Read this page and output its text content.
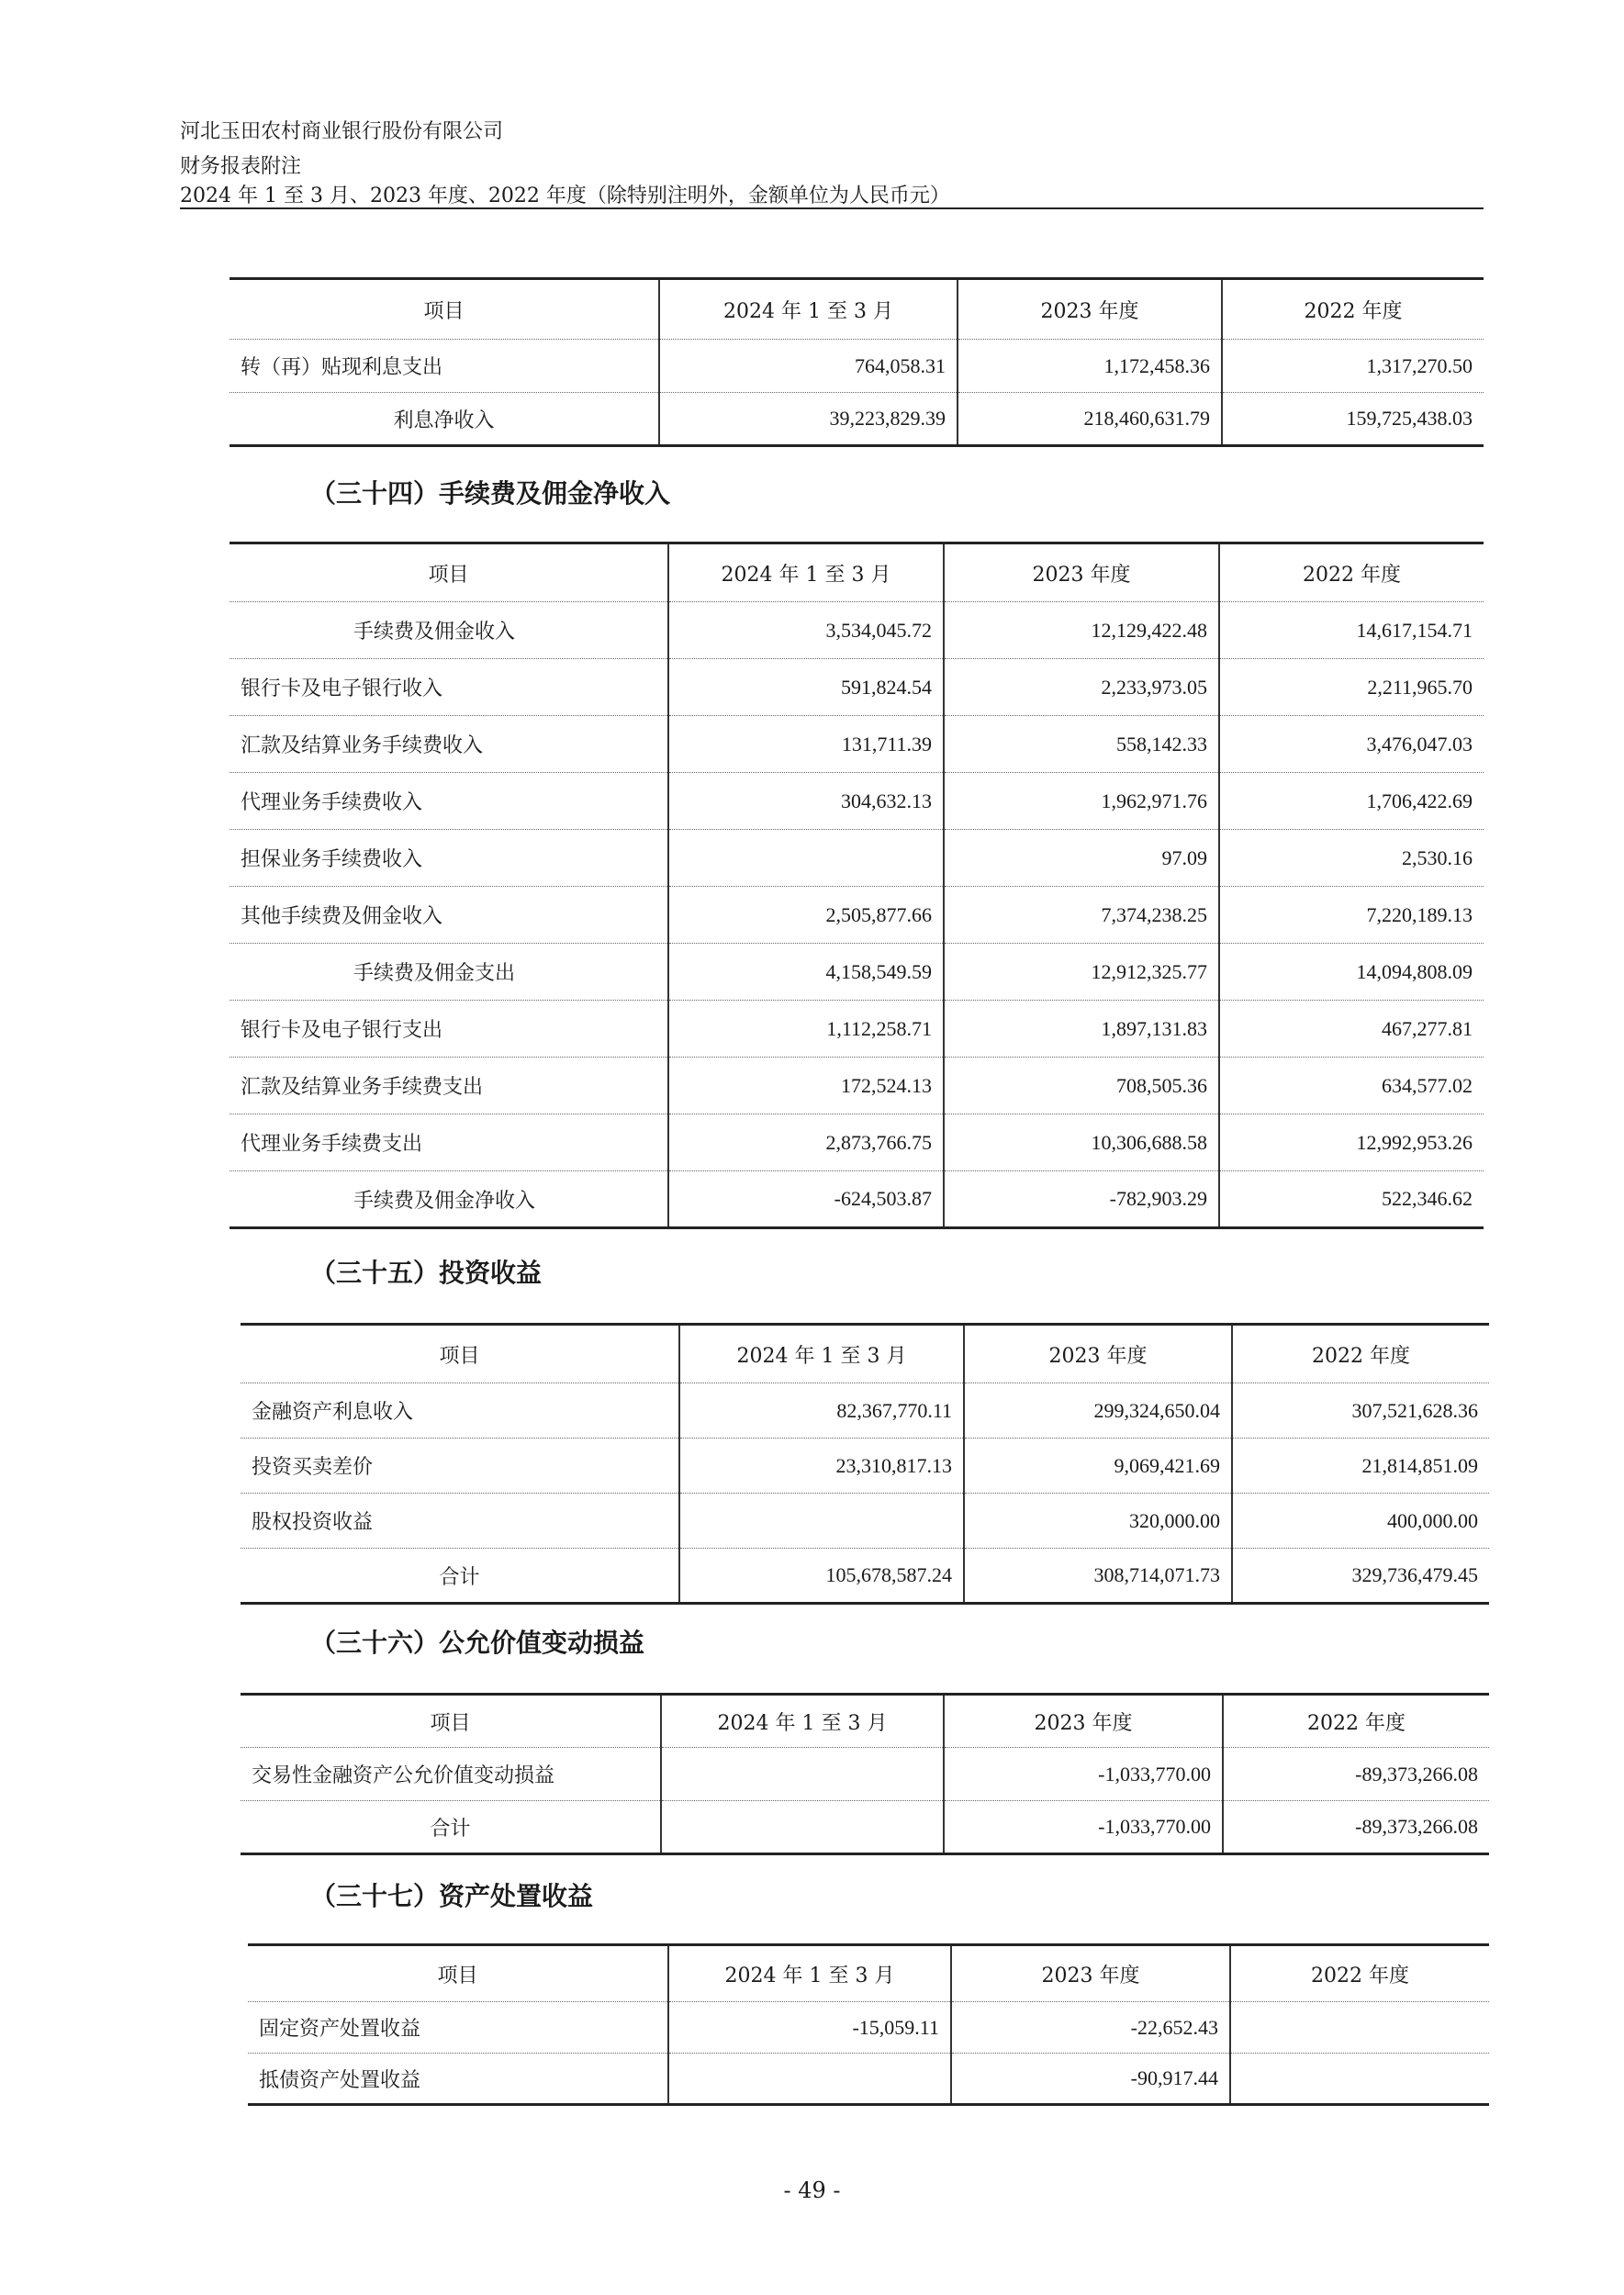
河北玉田农村商业银行股份有限公司
财务报表附注
2024 年 1 至 3 月、2023 年度、2022 年度（除特别注明外，金额单位为人民币元）
项目	2024 年 1 至 3 月	2023 年度	2022 年度
转（再）贴现利息支出	764,058.31	1,172,458.36	1,317,270.50
利息净收入	39,223,829.39	218,460,631.79	159,725,438.03
（三十四）手续费及佣金净收入
项目	2024 年 1 至 3 月	2023 年度	2022 年度
手续费及佣金收入	3,534,045.72	12,129,422.48	14,617,154.71
银行卡及电子银行收入	591,824.54	2,233,973.05	2,211,965.70
汇款及结算业务手续费收入	131,711.39	558,142.33	3,476,047.03
代理业务手续费收入	304,632.13	1,962,971.76	1,706,422.69
担保业务手续费收入		97.09	2,530.16
其他手续费及佣金收入	2,505,877.66	7,374,238.25	7,220,189.13
手续费及佣金支出	4,158,549.59	12,912,325.77	14,094,808.09
银行卡及电子银行支出	1,112,258.71	1,897,131.83	467,277.81
汇款及结算业务手续费支出	172,524.13	708,505.36	634,577.02
代理业务手续费支出	2,873,766.75	10,306,688.58	12,992,953.26
手续费及佣金净收入	-624,503.87	-782,903.29	522,346.62
（三十五）投资收益
项目	2024 年 1 至 3 月	2023 年度	2022 年度
金融资产利息收入	82,367,770.11	299,324,650.04	307,521,628.36
投资买卖差价	23,310,817.13	9,069,421.69	21,814,851.09
股权投资收益		320,000.00	400,000.00
合计	105,678,587.24	308,714,071.73	329,736,479.45
（三十六）公允价值变动损益
项目	2024 年 1 至 3 月	2023 年度	2022 年度
交易性金融资产公允价值变动损益		-1,033,770.00	-89,373,266.08
合计		-1,033,770.00	-89,373,266.08
（三十七）资产处置收益
项目	2024 年 1 至 3 月	2023 年度	2022 年度
固定资产处置收益	-15,059.11	-22,652.43	
抵债资产处置收益		-90,917.44	
- 49 -
